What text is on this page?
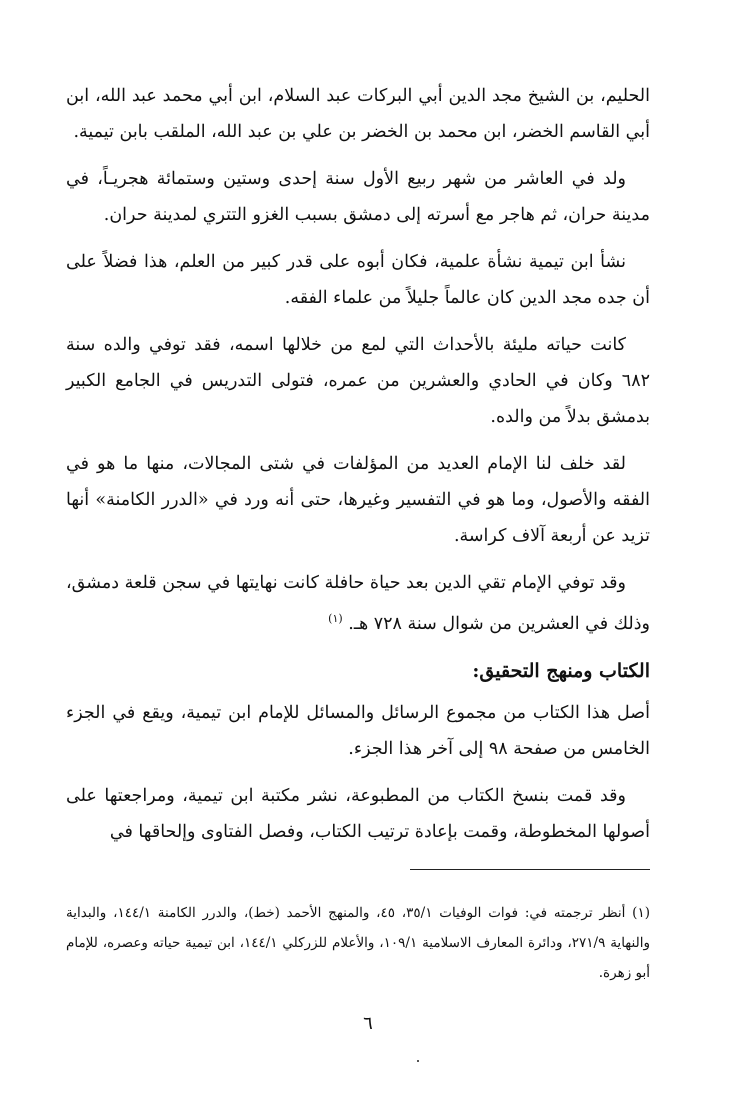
الحليم، بن الشيخ مجد الدين أبي البركات عبد السلام، ابن أبي محمد عبد الله، ابن أبي القاسم الخضر، ابن محمد بن الخضر بن علي بن عبد الله، الملقب بابن تيمية.

ولد في العاشر من شهر ربيع الأول سنة إحدى وستين وستمائة هجريـاً، في مدينة حران، ثم هاجر مع أسرته إلى دمشق بسبب الغزو التتري لمدينة حران.

نشأ ابن تيمية نشأة علمية، فكان أبوه على قدر كبير من العلم، هذا فضلاً على أن جده مجد الدين كان عالماً جليلاً من علماء الفقه.

كانت حياته مليئة بالأحداث التي لمع من خلالها اسمه، فقد توفي والده سنة ٦٨٢ وكان في الحادي والعشرين من عمره، فتولى التدريس في الجامع الكبير بدمشق بدلاً من والده.

لقد خلف لنا الإمام العديد من المؤلفات في شتى المجالات، منها ما هو في الفقه والأصول، وما هو في التفسير وغيرها، حتى أنه ورد في «الدرر الكامنة» أنها تزيد عن أربعة آلاف كراسة.

وقد توفي الإمام تقي الدين بعد حياة حافلة كانت نهايتها في سجن قلعة دمشق، وذلك في العشرين من شوال سنة ٧٢٨ هـ. $^{(١)}$

الكتاب ومنهج التحقيق:

أصل هذا الكتاب من مجموع الرسائل والمسائل للإمام ابن تيمية، ويقع في الجزء الخامس من صفحة ٩٨ إلى آخر هذا الجزء.

وقد قمت بنسخ الكتاب من المطبوعة، نشر مكتبة ابن تيمية، ومراجعتها على أصولها المخطوطة، وقمت بإعادة ترتيب الكتاب، وفصل الفتاوى وإلحاقها في

(١) أنظر ترجمته في: فوات الوفيات ٣٥/١، ٤٥، والمنهج الأحمد (خط)، والدرر الكامنة ١٤٤/١، والبداية والنهاية ٢٧١/٩، ودائرة المعارف الاسلامية ١٠٩/١، والأعلام للزركلي ١٤٤/١، ابن تيمية حياته وعصره، للإمام أبو زهرة.

٦
